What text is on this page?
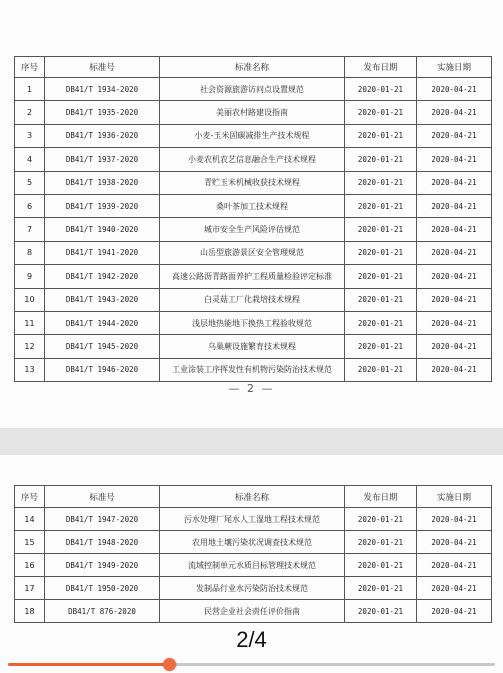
序号	标准号	标准名称	发布日期	实施日期
1	DB41/T 1934-2020	社会资源旅游访问点设置规范	2020-01-21	2020-04-21
2	DB41/T 1935-2020	美丽农村路建设指南	2020-01-21	2020-04-21
3	DB41/T 1936-2020	小麦-玉米固碳减排生产技术规程	2020-01-21	2020-04-21
4	DB41/T 1937-2020	小麦农机农艺信息融合生产技术规程	2020-01-21	2020-04-21
5	DB41/T 1938-2020	青贮玉米机械收获技术规程	2020-01-21	2020-04-21
6	DB41/T 1939-2020	桑叶茶加工技术规程	2020-01-21	2020-04-21
7	DB41/T 1940-2020	城市安全生产风险评估规范	2020-01-21	2020-04-21
8	DB41/T 1941-2020	山岳型旅游景区安全管理规范	2020-01-21	2020-04-21
9	DB41/T 1942-2020	高速公路沥青路面养护工程质量检验评定标准	2020-01-21	2020-04-21
10	DB41/T 1943-2020	白灵菇工厂化栽培技术规程	2020-01-21	2020-04-21
11	DB41/T 1944-2020	浅层地热能地下换热工程验收规范	2020-01-21	2020-04-21
12	DB41/T 1945-2020	乌巢蕨设施繁育技术规程	2020-01-21	2020-04-21
13	DB41/T 1946-2020	工业涂装工序挥发性有机物污染防治技术规范	2020-01-21	2020-04-21
— 2 —
序号	标准号	标准名称	发布日期	实施日期
14	DB41/T 1947-2020	污水处理厂尾水人工湿地工程技术规范	2020-01-21	2020-04-21
15	DB41/T 1948-2020	农用地土壤污染状况调查技术规范	2020-01-21	2020-04-21
16	DB41/T 1949-2020	流域控制单元水质目标管理技术规范	2020-01-21	2020-04-21
17	DB41/T 1950-2020	发制品行业水污染防治技术规范	2020-01-21	2020-04-21
18	DB41/T 876-2020	民营企业社会责任评价指南	2020-01-21	2020-04-21
2/4
